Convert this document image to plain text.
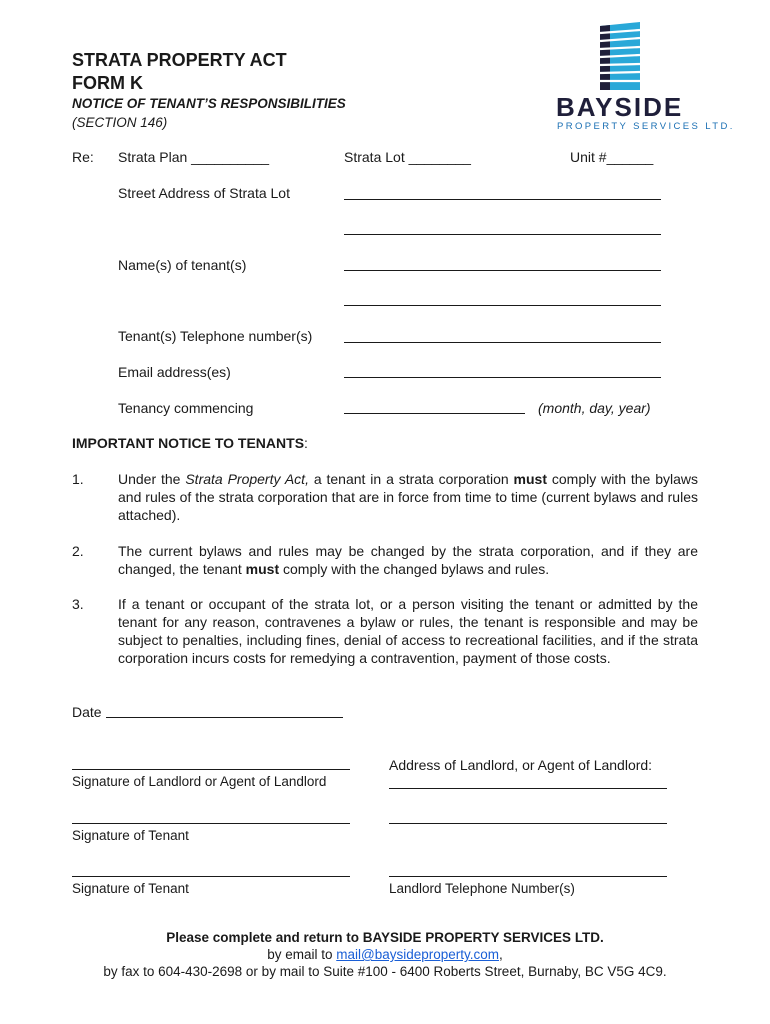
STRATA PROPERTY ACT
FORM K
NOTICE OF TENANT’S RESPONSIBILITIES
(SECTION 146)
BAYSIDE
PROPERTY SERVICES LTD.
Re: Strata Plan __________	Strata Lot ________	Unit #______
Street Address of Strata Lot
Name(s) of tenant(s)
Tenant(s) Telephone number(s)
Email address(es)
Tenancy commencing	(month, day, year)
IMPORTANT NOTICE TO TENANTS:
1. Under the Strata Property Act, a tenant in a strata corporation must comply with the bylaws and rules of the strata corporation that are in force from time to time (current bylaws and rules attached).
2. The current bylaws and rules may be changed by the strata corporation, and if they are changed, the tenant must comply with the changed bylaws and rules.
3. If a tenant or occupant of the strata lot, or a person visiting the tenant or admitted by the tenant for any reason, contravenes a bylaw or rules, the tenant is responsible and may be subject to penalties, including fines, denial of access to recreational facilities, and if the strata corporation incurs costs for remedying a contravention, payment of those costs.
Date
Signature of Landlord or Agent of Landlord
Signature of Tenant
Signature of Tenant
Address of Landlord, or Agent of Landlord:
Landlord Telephone Number(s)
Please complete and return to BAYSIDE PROPERTY SERVICES LTD.
by email to mail@baysideproperty.com,
by fax to 604-430-2698 or by mail to Suite #100 - 6400 Roberts Street, Burnaby, BC V5G 4C9.
